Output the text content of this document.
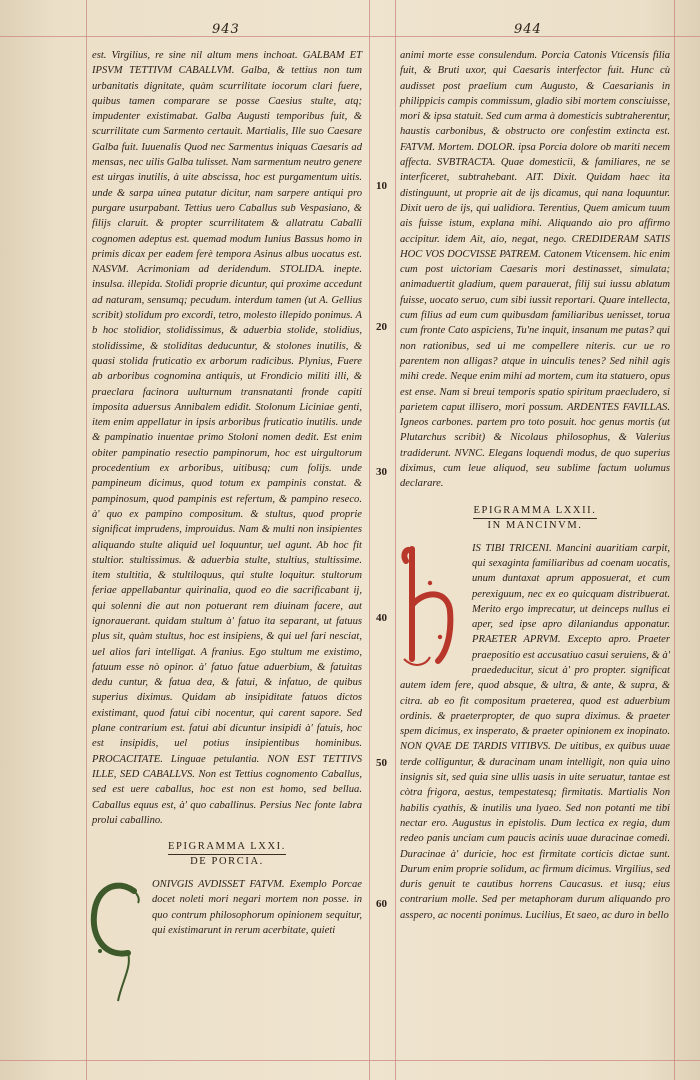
943	944
10
20
30
40
50
60

est. Virgilius, re sine nil altum mens inchoat. GALBAM ET IPSVM TETTIVM CABALLVM. Galba, & tettius non tum urbanitatis dignitate, quàm scurrilitate iocorum clari fuere, quibus tamen comparare se posse Caesius stulte, atq; impudenter existimabat. Galba Augusti temporibus fuit, & scurrilitate cum Sarmento certauit. Martialis, Ille suo Caesare Galba fuit. Iuuenalis Quod nec Sarmentus iniquas Caesaris ad mensas, nec uilis Galba tulisset. Nam sarmentum neutro genere est uirgas inutilis, à uite abscissa, hoc est purgamentum uitis. unde & sarpa uinea putatur dicitur, nam sarpere antiqui pro purgare usurpabant. Tettius uero Caballus sub Vespasiano, & filijs claruit. & propter scurrilitatem & allatratu Caballi cognomen adeptus est. quemad modum Iunius Bassus homo in primis dicax per eadem ferè tempora Asinus albus uocatus est. NASVM. Acrimoniam ad deridendum. STOLIDA. inepte. insulsa. illepida. Stolidi proprie dicuntur, qui proxime accedunt ad naturam, sensumq; pecudum. interdum tamen (ut A. Gellius scribit) stolidum pro excordi, tetro, molesto illepido ponimus. A b hoc stolidior, stolidissimus, & aduerbia stolide, stolidius, stolidissime, & stoliditas deducuntur, & stolones inutilis, & quasi stolida fruticatio ex arborum radicibus. Plynius, Fuere ab arboribus cognomina antiquis, ut Frondicio militi illi, & praeclara facinora uulturnum transnatanti fronde capiti imposita aduersus Annibalem edidit. Stolonum Liciniae genti, item enim appellatur in ipsis arboribus fruticatio inutilis. unde & pampinatio inuentae primo Stoloni nomen dedit. Est enim obiter pampinatio resectio pampinorum, hoc est uirgultorum procedentium ex arboribus, uitibusq; cum folijs. unde pampineum dicimus, quod totum ex pampinis constat. & pampinosum, quod pampinis est refertum, & pampino reseco. à' quo ex pampino compositum. & stultus, quod proprie significat imprudens, improuidus. Nam & multi non insipientes aliquando stulte aliquid uel loquuntur, uel agunt. Ab hoc fit stultior. stultissimus. & aduerbia stulte, stultius, stultissime. item stultitia, & stultiloquus, qui stulte loquitur. stultorum feriae appellabantur quirinalia, quod eo die sacrificabant ij, qui solenni die aut non potuerant rem diuinam facere, aut ignorauerant. quidam stultum à' fatuo ita separant, ut fatuus plus sit, quàm stultus, hoc est insipiens, & qui uel fari nesciat, uel alios fari intelligat. A franius. Ego stultum me existimo, fatuum esse nò opinor. à' fatuo fatue aduerbium, & fatuitas dedu cuntur, & fatua dea, & fatui, & infatuo, de quibus superius diximus. Quidam ab insipiditate fatuos dictos existimant, quod fatui cibi nocentur, qui carent sapore. Sed plane contrarium est. fatui abi dicuntur insipidi à' fatuis, hoc est insipidis, uel potius insipientibus hominibus. PROCACITATE. Linguae petulantia. NON EST TETTIVS ILLE, SED CABALLVS. Non est Tettius cognomento Caballus, sed est uere caballus, hoc est non est homo, sed bellua. Caballus equus est, à' quo caballinus. Persius Nec fonte labra prolui caballino.

EPIGRAMMA LXXI.
DE PORCIA.

ONIVGIS AVDISSET FATVM. Exemplo Porcae docet noleti mori negari mortem non posse. in quo contrum philosophorum opinionem sequitur, qui existimarunt in rerum acerbitate, quieti

animi morte esse consulendum. Porcia Catonis Vticensis filia fuit, & Bruti uxor, qui Caesaris interfector fuit. Hunc cù audisset post praelium cum Augusto, & Caesarianis in philippicis campis commissum, gladio sibi mortem consciuisse, mori & ipsa statuit. Sed cum arma à domesticis subtraherentur, haustis carbonibus, & obstructo ore confestim extincta est. FATVM. Mortem. DOLOR. ipsa Porcia dolore ob mariti necem affecta. SVBTRACTA. Quae domesticiì, & familiares, ne se interficeret, subtrahebant. AIT. Dixit. Quidam haec ita distinguunt, ut proprie ait de ijs dicamus, qui nana loquuntur. Dixit uero de ijs, qui ualidiora. Terentius, Quem amicum tuum ais fuisse istum, explana mihi. Aliquando aio pro affirmo accipitur. idem Ait, aio, negat, nego. CREDIDERAM SATIS HOC VOS DOCVISSE PATREM. Catonem Vticensem. hic enim cum post uictoriam Caesaris mori destinasset, simulata; animaduertit gladium, quem parauerat, filij sui iussu ablatum fuisse, uocato seruo, cum sibi iussit reportari. Quare intellecta, cum filius ad eum cum quibusdam familiaribus uenisset, torua cum fronte Cato aspiciens, Tu'ne inquit, insanum me putas? qui non rationibus, sed ui me compellere niteris. cur ue ro parentem non alligas? atque in uinculis tenes? Sed nihil agis mihi crede. Neque enim mihi ad mortem, cum ita statuero, opus est ense. Nam si breui temporis spatio spiritum praecludero, si parietem caput illisero, mori possum. ARDENTES FAVILLAS. Igneos carbones. partem pro toto posuit. hoc genus mortis (ut Plutarchus scribit) & Nicolaus philosophus, & Valerius tradiderunt. NVNC. Elegans loquendi modus, de quo superius diximus, cum leue aliquod, seu sublime factum uolumus declarare.

EPIGRAMMA LXXII.
IN MANCINVM.

IS TIBI TRICENI. Mancini auaritiam carpit, qui sexaginta familiaribus ad coenam uocatis, unum duntaxat aprum apposuerat, et cum perexiguum, nec ex eo quicquam distribuerat. Merito ergo imprecatur, ut deinceps nullus ei aper, sed ipse apro dilaniandus apponatur. PRAETER APRVM. Excepto apro. Praeter praepositio est accusatiuo casui seruiens, & à' praededucitur, sicut à' pro propter. significat autem idem fere, quod absque, & ultra, & ante, & supra, & citra. ab eo fit compositum praeterea, quod est aduerbium ordinis. & praeterpropter, de quo supra diximus. & praeter spem dicimus, ex insperato, & praeter opinionem ex inopinato. NON QVAE DE TARDIS VITIBVS. De uitibus, ex quibus uuae terde colliguntur, & duracinam unam intelligit, non quia uino insignis sit, sed quia sine ullis uasis in uite seruatur, tantae est còtra frigora, aestus, tempestatesq; firmitatis. Martialis Non habilis cyathis, & inutilis una lyaeo. Sed non potanti me tibi nectar ero. Augustus in epistolis. Dum lectica ex regia, dum redeo panis unciam cum paucis acinis uuae duracinae comedi. Duracinae à' duricie, hoc est firmitate corticis dictae sunt. Durum enim proprie solidum, ac firmum dicimus. Virgilius, sed duris genuit te cautibus horrens Caucasus. et iusq; eius contrarium molle. Sed per metaphoram durum aliquando pro asspero, ac nocenti ponimus. Lucilius, Et saeo, ac duro in bello
